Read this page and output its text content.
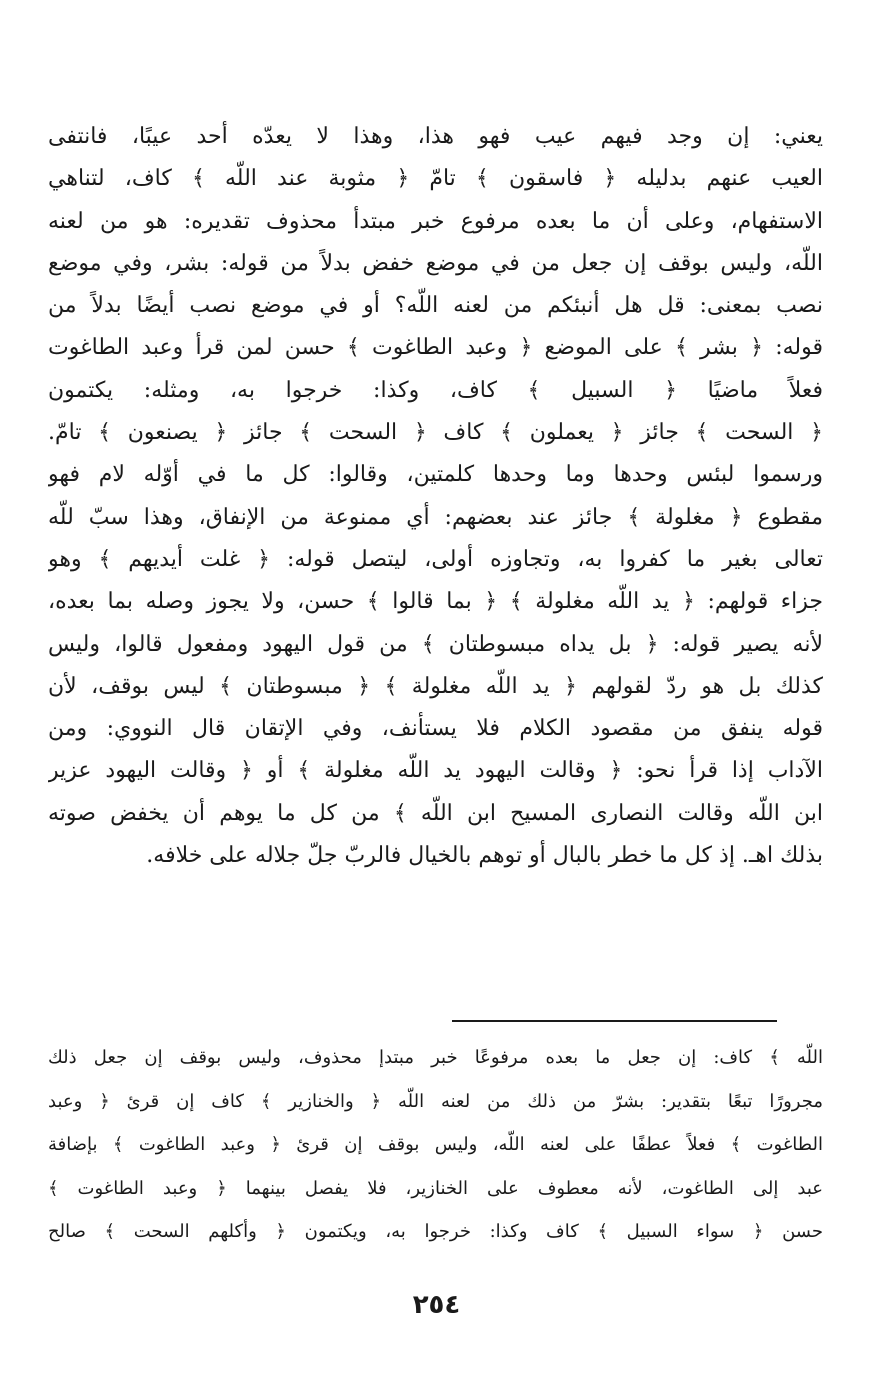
يعني: إن وجد فيهم عيب فهو هذا، وهذا لا يعدّه أحد عيبًا، فانتفى
العيب عنهم بدليله ﴿ فاسقون ﴾ تامّ ﴿ مثوبة عند اللّه ﴾ كاف، لتناهي
الاستفهام، وعلى أن ما بعده مرفوع خبر مبتدأ محذوف تقديره: هو من لعنه
اللّه، وليس بوقف إن جعل من في موضع خفض بدلاً من قوله: بشر، وفي موضع
نصب بمعنى: قل هل أنبئكم من لعنه اللّه؟ أو في موضع نصب أيضًا بدلاً من
قوله: ﴿ بشر ﴾ على الموضع ﴿ وعبد الطاغوت ﴾ حسن لمن قرأ وعبد الطاغوت
فعلاً ماضيًا ﴿ السبيل ﴾ كاف، وكذا: خرجوا به، ومثله: يكتمون
﴿ السحت ﴾ جائز ﴿ يعملون ﴾ كاف ﴿ السحت ﴾ جائز ﴿ يصنعون ﴾ تامّ.
ورسموا لبئس وحدها وما وحدها كلمتين، وقالوا: كل ما في أوّله لام فهو
مقطوع ﴿ مغلولة ﴾ جائز عند بعضهم: أي ممنوعة من الإنفاق، وهذا سبّ للّه
تعالى بغير ما كفروا به، وتجاوزه أولى، ليتصل قوله: ﴿ غلت أيديهم ﴾ وهو
جزاء قولهم: ﴿ يد اللّه مغلولة ﴾ ﴿ بما قالوا ﴾ حسن، ولا يجوز وصله بما بعده،
لأنه يصير قوله: ﴿ بل يداه مبسوطتان ﴾ من قول اليهود ومفعول قالوا، وليس
كذلك بل هو ردّ لقولهم ﴿ يد اللّه مغلولة ﴾ ﴿ مبسوطتان ﴾ ليس بوقف، لأن
قوله ينفق من مقصود الكلام فلا يستأنف، وفي الإتقان قال النووي: ومن
الآداب إذا قرأ نحو: ﴿ وقالت اليهود يد اللّه مغلولة ﴾ أو ﴿ وقالت اليهود عزير
ابن اللّه وقالت النصارى المسيح ابن اللّه ﴾ من كل ما يوهم أن يخفض صوته
بذلك اهـ. إذ كل ما خطر بالبال أو توهم بالخيال فالربّ جلّ جلاله على خلافه.
اللّه ﴾ كاف: إن جعل ما بعده مرفوعًا خبر مبتدإ محذوف، وليس بوقف إن جعل ذلك
مجرورًا تبعًا بتقدير: بشرّ من ذلك من لعنه اللّه ﴿ والخنازير ﴾ كاف إن قرئ ﴿ وعبد
الطاغوت ﴾ فعلاً عطفًا على لعنه اللّه، وليس بوقف إن قرئ ﴿ وعبد الطاغوت ﴾ بإضافة
عبد إلى الطاغوت، لأنه معطوف على الخنازير، فلا يفصل بينهما ﴿ وعبد الطاغوت ﴾
حسن ﴿ سواء السبيل ﴾ كاف وكذا: خرجوا به، ويكتمون ﴿ وأكلهم السحت ﴾ صالح
٢٥٤
